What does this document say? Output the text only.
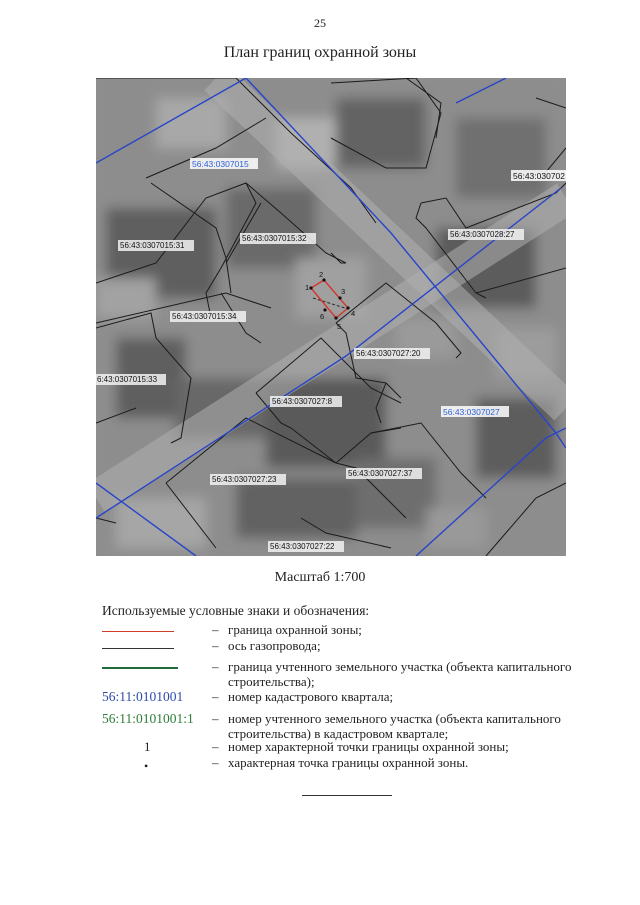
25
План границ охранной зоны
1
2
3
4
5
6
56:43:0307015
56:43:030702
56:43:0307027
56:43:0307015:31
56:43:0307015:32	56:43:0307028:27
56:43:0307015:34
56:43:0307027:20
6:43:0307015:33
56:43:0307027:8
56:43:0307027:37
56:43:0307027:23
56:43:0307027:22
Масштаб 1:700
Используемые условные знаки и обозначения:
– граница охранной зоны;
– ось газопровода;
– граница учтенного земельного участка (объекта капитального строительства);
56:11:0101001 – номер кадастрового квартала;
56:11:0101001:1	– номер учтенного земельного участка (объекта капитального строительства) в кадастровом квартале;
1	– номер характерной точки границы охранной зоны;
•	– характерная точка границы охранной зоны.
